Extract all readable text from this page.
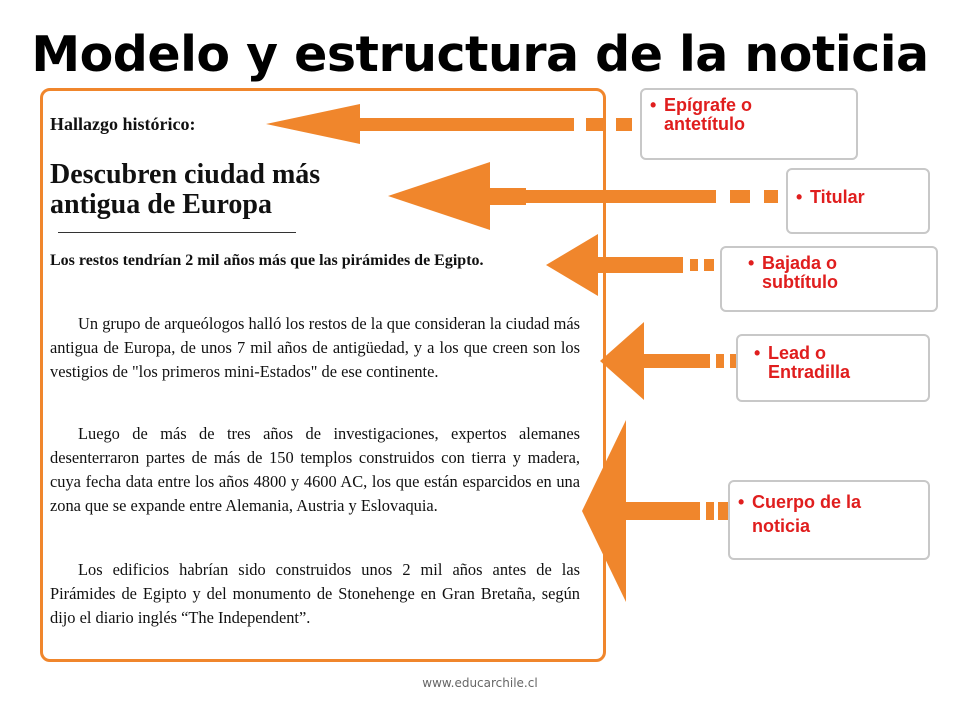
Modelo y estructura de la noticia
Hallazgo histórico:
Descubren ciudad más
antigua de Europa
Los restos tendrían 2 mil años más que las pirámides de Egipto.

Un grupo de arqueólogos halló los restos de la que consideran la ciudad más antigua de Europa, de unos 7 mil años de antigüedad, y a los que creen son los vestigios de "los primeros mini-Estados" de ese continente.

Luego de más de tres años de investigaciones, expertos alemanes desenterraron partes de más de 150 templos construidos con tierra y madera, cuya fecha data entre los años 4800 y 4600 AC, los que están esparcidos en una zona que se expande entre Alemania, Austria y Eslovaquia.

Los edificios habrían sido construidos unos 2 mil años antes de las Pirámides de Egipto y del monumento de Stonehenge en Gran Bretaña, según dijo el diario inglés “The Independent”.

• Epígrafe o
antetítulo
• Titular
• Bajada o
subtítulo
• Lead o
Entradilla
• Cuerpo de la
noticia
www.educarchile.cl
